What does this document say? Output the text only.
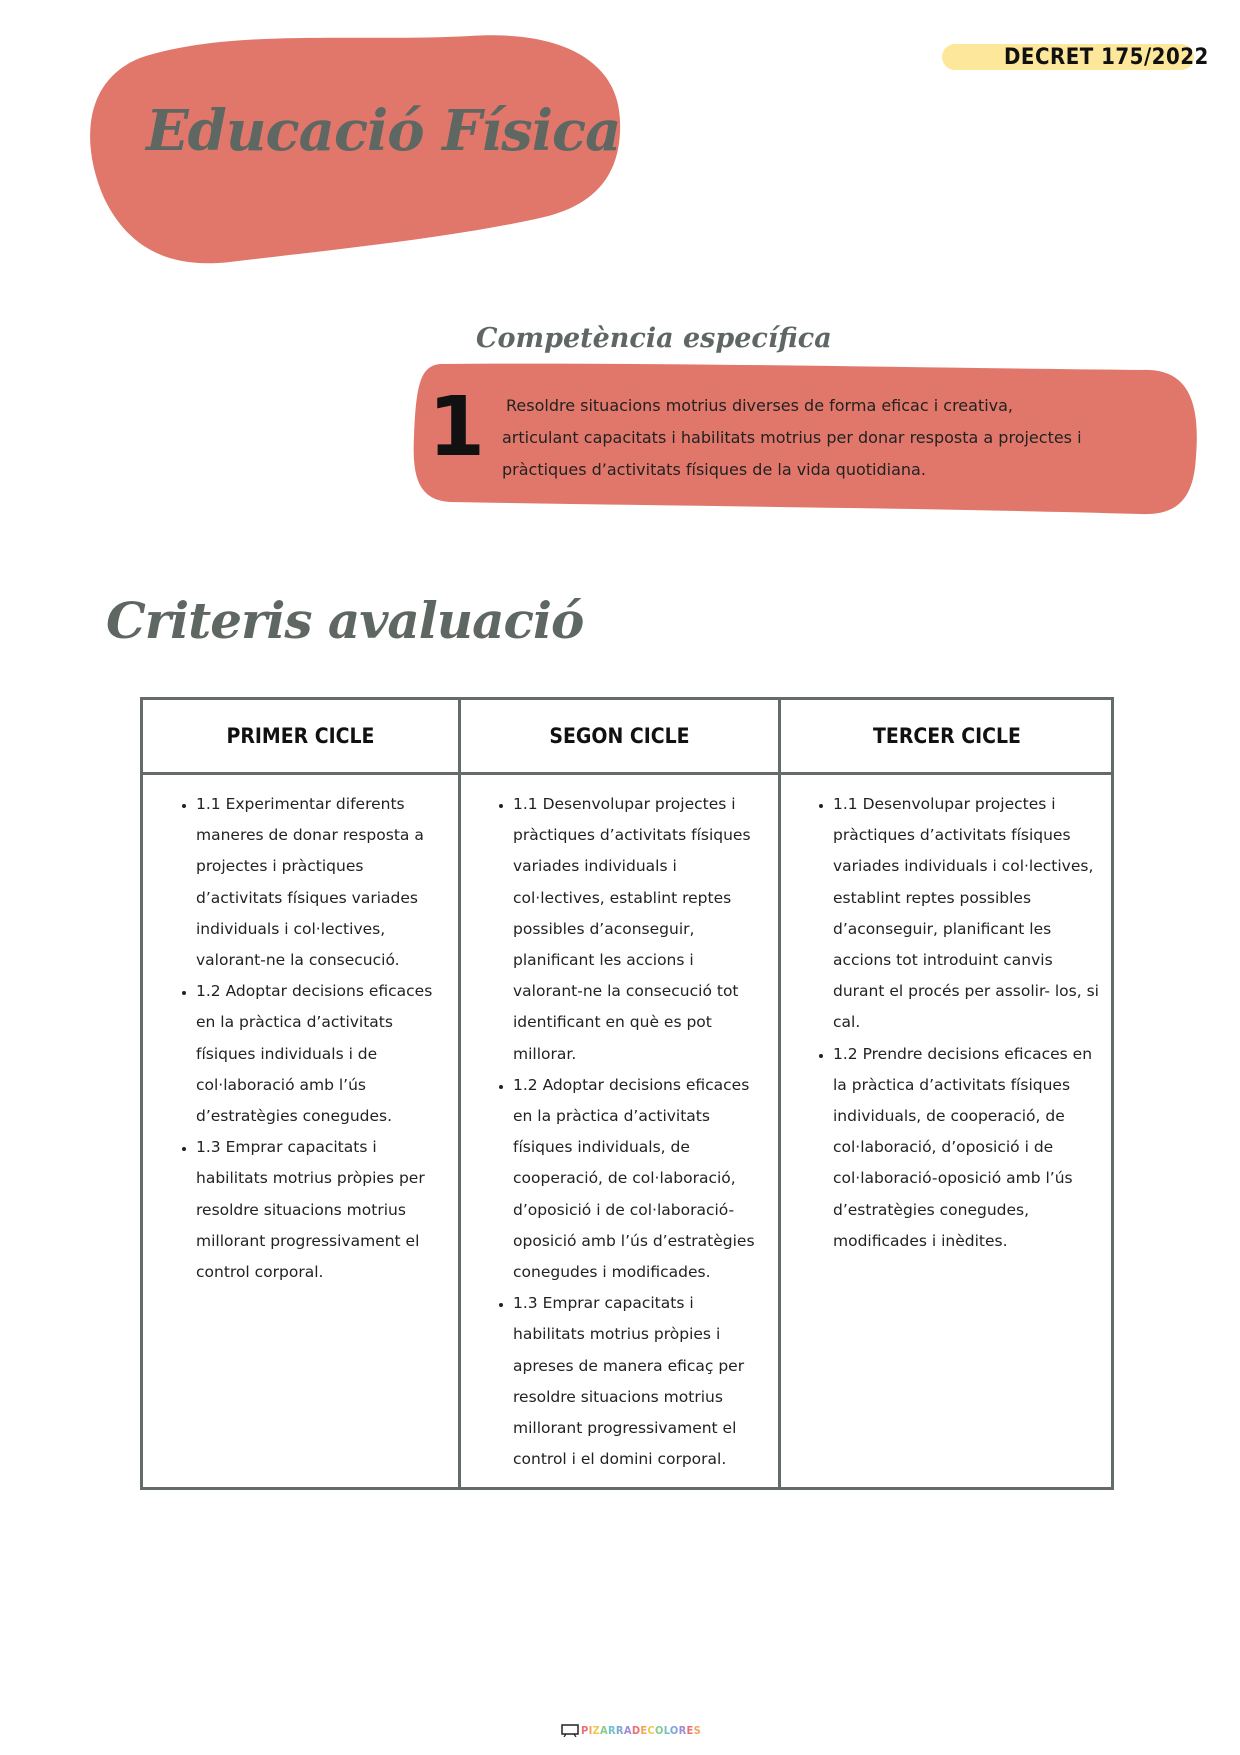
DECRET 175/2022
Educació Física
Competència específica
1 Resoldre situacions motrius diverses de forma eficac i creativa, articulant capacitats i habilitats motrius per donar resposta a projectes i pràctiques d’activitats físiques de la vida quotidiana.
Criteris avaluació
PRIMER CICLE	SEGON CICLE	TERCER CICLE
• 1.1 Experimentar diferents maneres de donar resposta a projectes i pràctiques d’activitats físiques variades individuals i col·lectives, valorant-ne la consecució.
• 1.2 Adoptar decisions eficaces en la pràctica d’activitats físiques individuals i de col·laboració amb l’ús d’estratègies conegudes.
• 1.3 Emprar capacitats i habilitats motrius pròpies per resoldre situacions motrius millorant progressivament el control corporal.
• 1.1 Desenvolupar projectes i pràctiques d’activitats físiques variades individuals i col·lectives, establint reptes possibles d’aconseguir, planificant les accions i valorant-ne la consecució tot identificant en què es pot millorar.
• 1.2 Adoptar decisions eficaces en la pràctica d’activitats físiques individuals, de cooperació, de col·laboració, d’oposició i de col·laboració-oposició amb l’ús d’estratègies conegudes i modificades.
• 1.3 Emprar capacitats i habilitats motrius pròpies i apreses de manera eficaç per resoldre situacions motrius millorant progressivament el control i el domini corporal.
• 1.1 Desenvolupar projectes i pràctiques d’activitats físiques variades individuals i col·lectives, establint reptes possibles d’aconseguir, planificant les accions tot introduint canvis durant el procés per assolir- los, si cal.
• 1.2 Prendre decisions eficaces en la pràctica d’activitats físiques individuals, de cooperació, de col·laboració, d’oposició i de col·laboració-oposició amb l’ús d’estratègies conegudes, modificades i inèdites.
PIZARRADECOLORES
